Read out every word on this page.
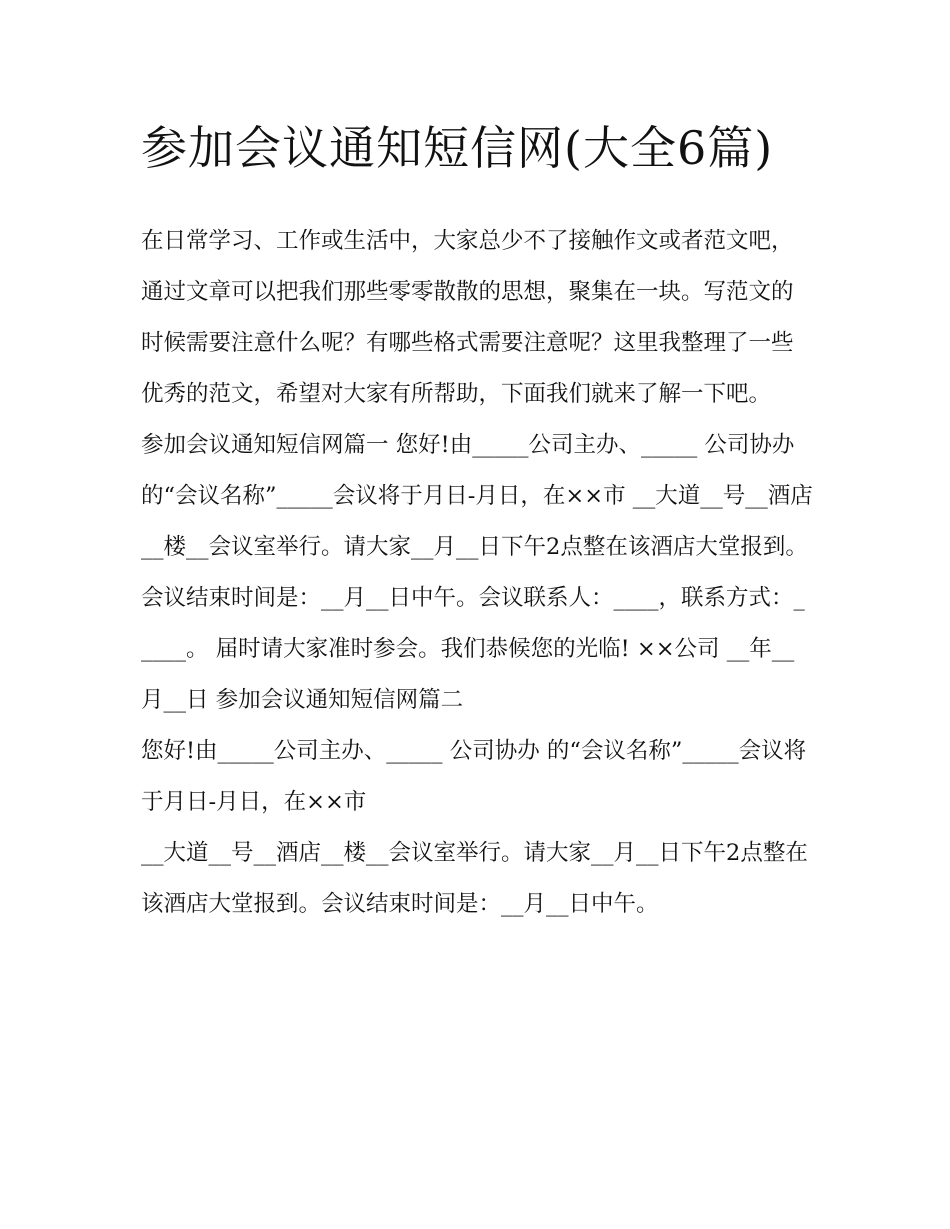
参加会议通知短信网(大全6篇)

在日常学习、工作或生活中，大家总少不了接触作文或者范文吧，通过文章可以把我们那些零零散散的思想，聚集在一块。写范文的时候需要注意什么呢？有哪些格式需要注意呢？这里我整理了一些优秀的范文，希望对大家有所帮助，下面我们就来了解一下吧。

参加会议通知短信网篇一 您好!由_____公司主办、_____ 公司协办 的“会议名称”_____会议将于月日-月日，在××市 __大道__号__酒店__楼__会议室举行。请大家__月__日下午2点整在该酒店大堂报到。会议结束时间是：__月__日中午。会议联系人：____，联系方式：_____。 届时请大家准时参会。我们恭候您的光临! ××公司 __年__月__日 参加会议通知短信网篇二

您好!由_____公司主办、_____ 公司协办 的“会议名称”_____会议将于月日-月日，在××市

__大道__号__酒店__楼__会议室举行。请大家__月__日下午2点整在该酒店大堂报到。会议结束时间是：__月__日中午。
